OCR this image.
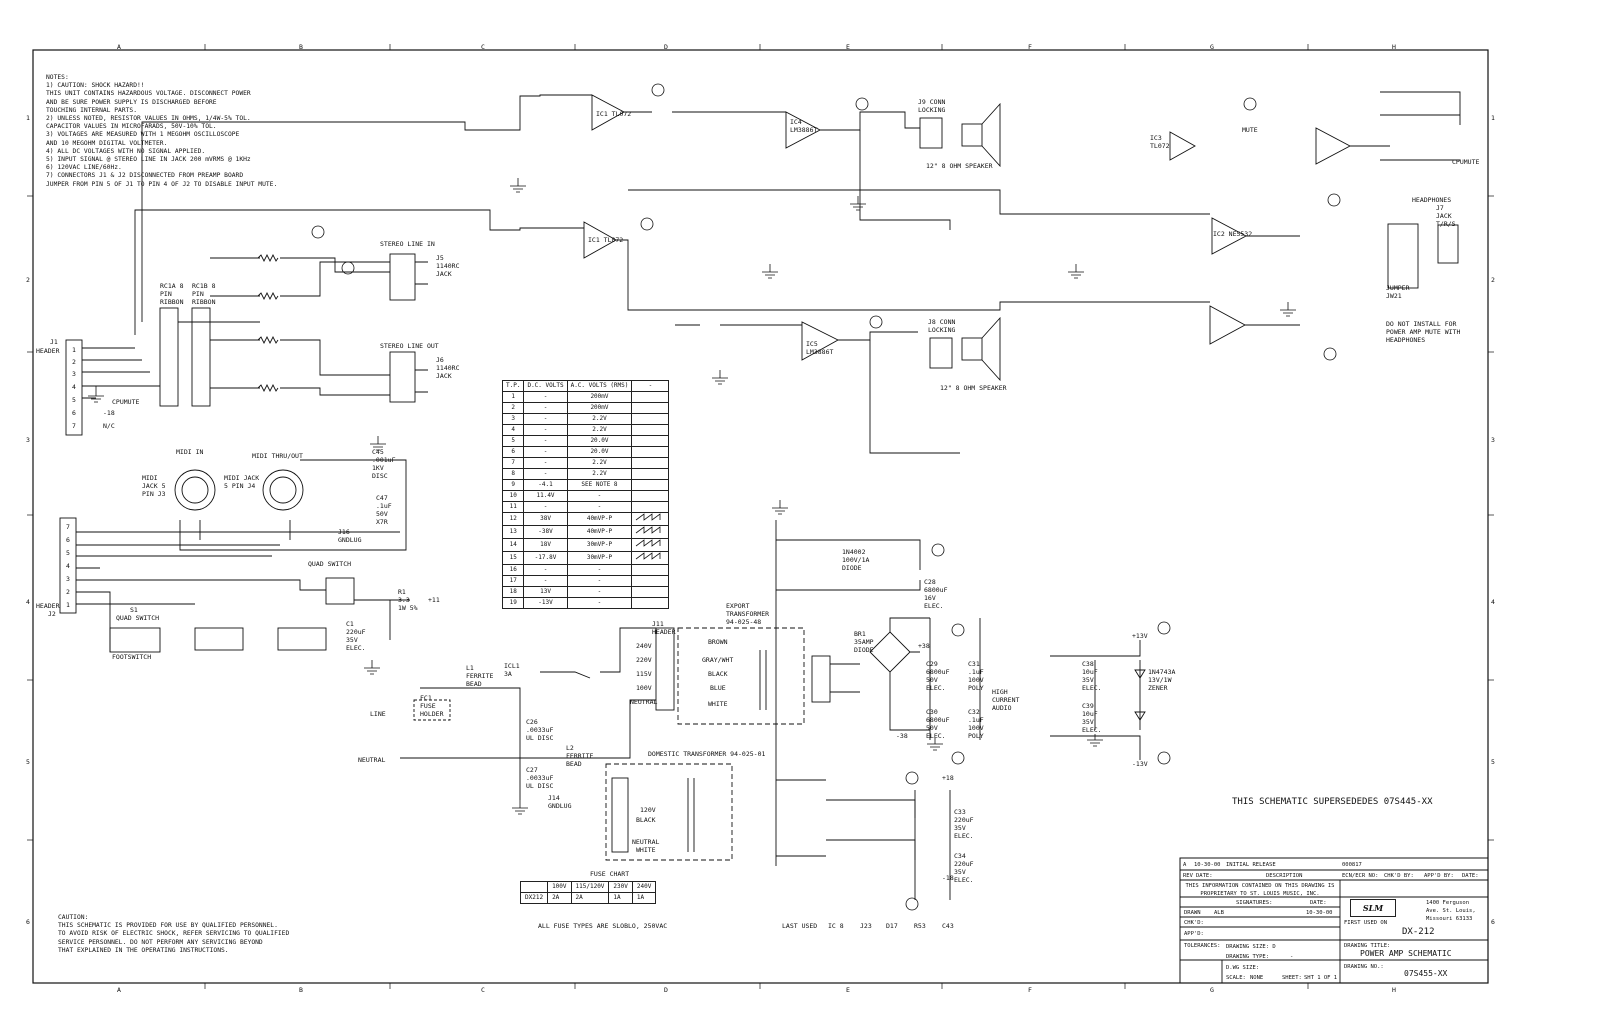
A	B	C	D	E	F	G	H
A	B	C	D	E	F	G	H
1
2
3
4
5
6
1
2
3
4
5
6
NOTES:
1) CAUTION: SHOCK HAZARD!!
THIS UNIT CONTAINS HAZARDOUS VOLTAGE. DISCONNECT POWER
AND BE SURE POWER SUPPLY IS DISCHARGED BEFORE
TOUCHING INTERNAL PARTS.
2) UNLESS NOTED, RESISTOR VALUES IN OHMS, 1/4W-5% TOL.
CAPACITOR VALUES IN MICROFARADS, 50V-10% TOL.
3) VOLTAGES ARE MEASURED WITH 1 MEGOHM OSCILLOSCOPE
AND 10 MEGOHM DIGITAL VOLTMETER.
4) ALL DC VOLTAGES WITH NO SIGNAL APPLIED.
5) INPUT SIGNAL @ STEREO LINE IN JACK 200 mVRMS @ 1KHz
6) 120VAC LINE/60Hz.
7) CONNECTORS J1 & J2 DISCONNECTED FROM PREAMP BOARD
JUMPER FROM PIN 5 OF J1 TO PIN 4 OF J2 TO DISABLE INPUT MUTE.
CAUTION:
THIS SCHEMATIC IS PROVIDED FOR USE BY QUALIFIED PERSONNEL.
TO AVOID RISK OF ELECTRIC SHOCK, REFER SERVICING TO QUALIFIED
SERVICE PERSONNEL. DO NOT PERFORM ANY SERVICING BEYOND
THAT EXPLAINED IN THE OPERATING INSTRUCTIONS.
T.P.	D.C. VOLTS	A.C. VOLTS (RMS)	-
1	-	200mV	
2	-	200mV	
3	-	2.2V	
4	-	2.2V	
5	-	20.0V	
6	-	20.0V	
7	-	2.2V	
8	-	2.2V	
9	-4.1	SEE NOTE 8	
10	11.4V	-	
11	-	-	
12	38V	40mVP-P	
13	-38V	40mVP-P	
14	18V	30mVP-P	
15	-17.8V	30mVP-P	
16	-	-	
17	-	-	
18	13V	-	
19	-13V	-	
FUSE CHART
	100V	115/120V	230V	240V
DX212	2A	2A	1A	1A
ALL FUSE TYPES ARE SLOBLO, 250VAC	LAST USED IC 8	J23 D17	R53	C43
THIS SCHEMATIC SUPERSEDEDES 07S445-XX
J1
HEADER 1
2
3
4
5
6
7
CPUMUTE
-18
N/C
HEADER
J2
7
6
5
4
3
2
1
RC1A 8 PIN RIBBON
RC1B 8 PIN RIBBON
STEREO LINE IN
STEREO LINE OUT
J5 1140RC JACK
J6 1140RC JACK
MIDI IN	MIDI THRU/OUT
MIDI JACK 5 PIN J3
MIDI JACK 5 PIN J4
C45 .001uF 1KV DISC
C47 .1uF 50V X7R
J16 GNDLUG
QUAD SWITCH
S1
QUAD SWITCH
FOOTSWITCH
R1 3.3 1W 5%
C1 220uF 35V ELEC.
+11
IC1 TL072
IC1 TL072
IC4 LM3886T
IC5 LM3886T
IC2 NE5532
IC3 TL072
J9 CONN LOCKING
J8 CONN LOCKING
12" 8 OHM SPEAKER
12" 8 OHM SPEAKER
MUTE
CPUMUTE
HEADPHONES
J7 JACK T/R/S
JUMPER JW21
DO NOT INSTALL FOR POWER AMP MUTE WITH HEADPHONES
EXPORT TRANSFORMER 94-025-48
J11 HEADER
240V
220V
115V
100V
NEUTRAL
BROWN
GRAY/WHT
BLACK
BLUE
WHITE
DOMESTIC TRANSFORMER 94-025-01
120V
BLACK
NEUTRAL
WHITE
LINE
NEUTRAL
FC1 FUSE HOLDER
L1 FERRITE BEAD
L2 FERRITE BEAD
ICL1 3A
C26 .0033uF UL DISC
C27 .0033uF UL DISC
J14 GNDLUG
BR1 35AMP DIODE
HIGH CURRENT AUDIO
C29 6800uF 50V ELEC.
C30 6800uF 50V ELEC.
C31 .1uF 100V POLY
C32 .1uF 100V POLY
+38
-38
C28 6800uF 16V ELEC.
1N4002 100V/1A DIODE
+18
-18
C33 220uF 35V ELEC.
C34 220uF 35V ELEC.
1N4743A 13V/1W ZENER
C38 10uF 35V ELEC.
C39 10uF 35V ELEC.
+13V
-13V
A 10-30-00 INITIAL RELEASE	000817
REV DATE:	DESCRIPTION	ECN/ECR NO: CHK'D BY: APP'D BY: DATE:
THIS INFORMATION CONTAINED ON THIS DRAWING IS PROPRIETARY TO ST. LOUIS MUSIC, INC.
SIGNATURES:	DATE:
FIRST USED ON
DRAWN ALB	10-30-00
CHK'D:
APP'D:
TOLERANCES: DRAWING SIZE: D
DRAWING TYPE:	-
D.WG SIZE:
SCALE: NONE	SHEET: SHT 1 OF 1
SLM	1400 Ferguson Ave. St. Louis, Missouri 63133
DX-212
DRAWING TITLE:
POWER AMP SCHEMATIC
DRAWING NO.:
07S455-XX
